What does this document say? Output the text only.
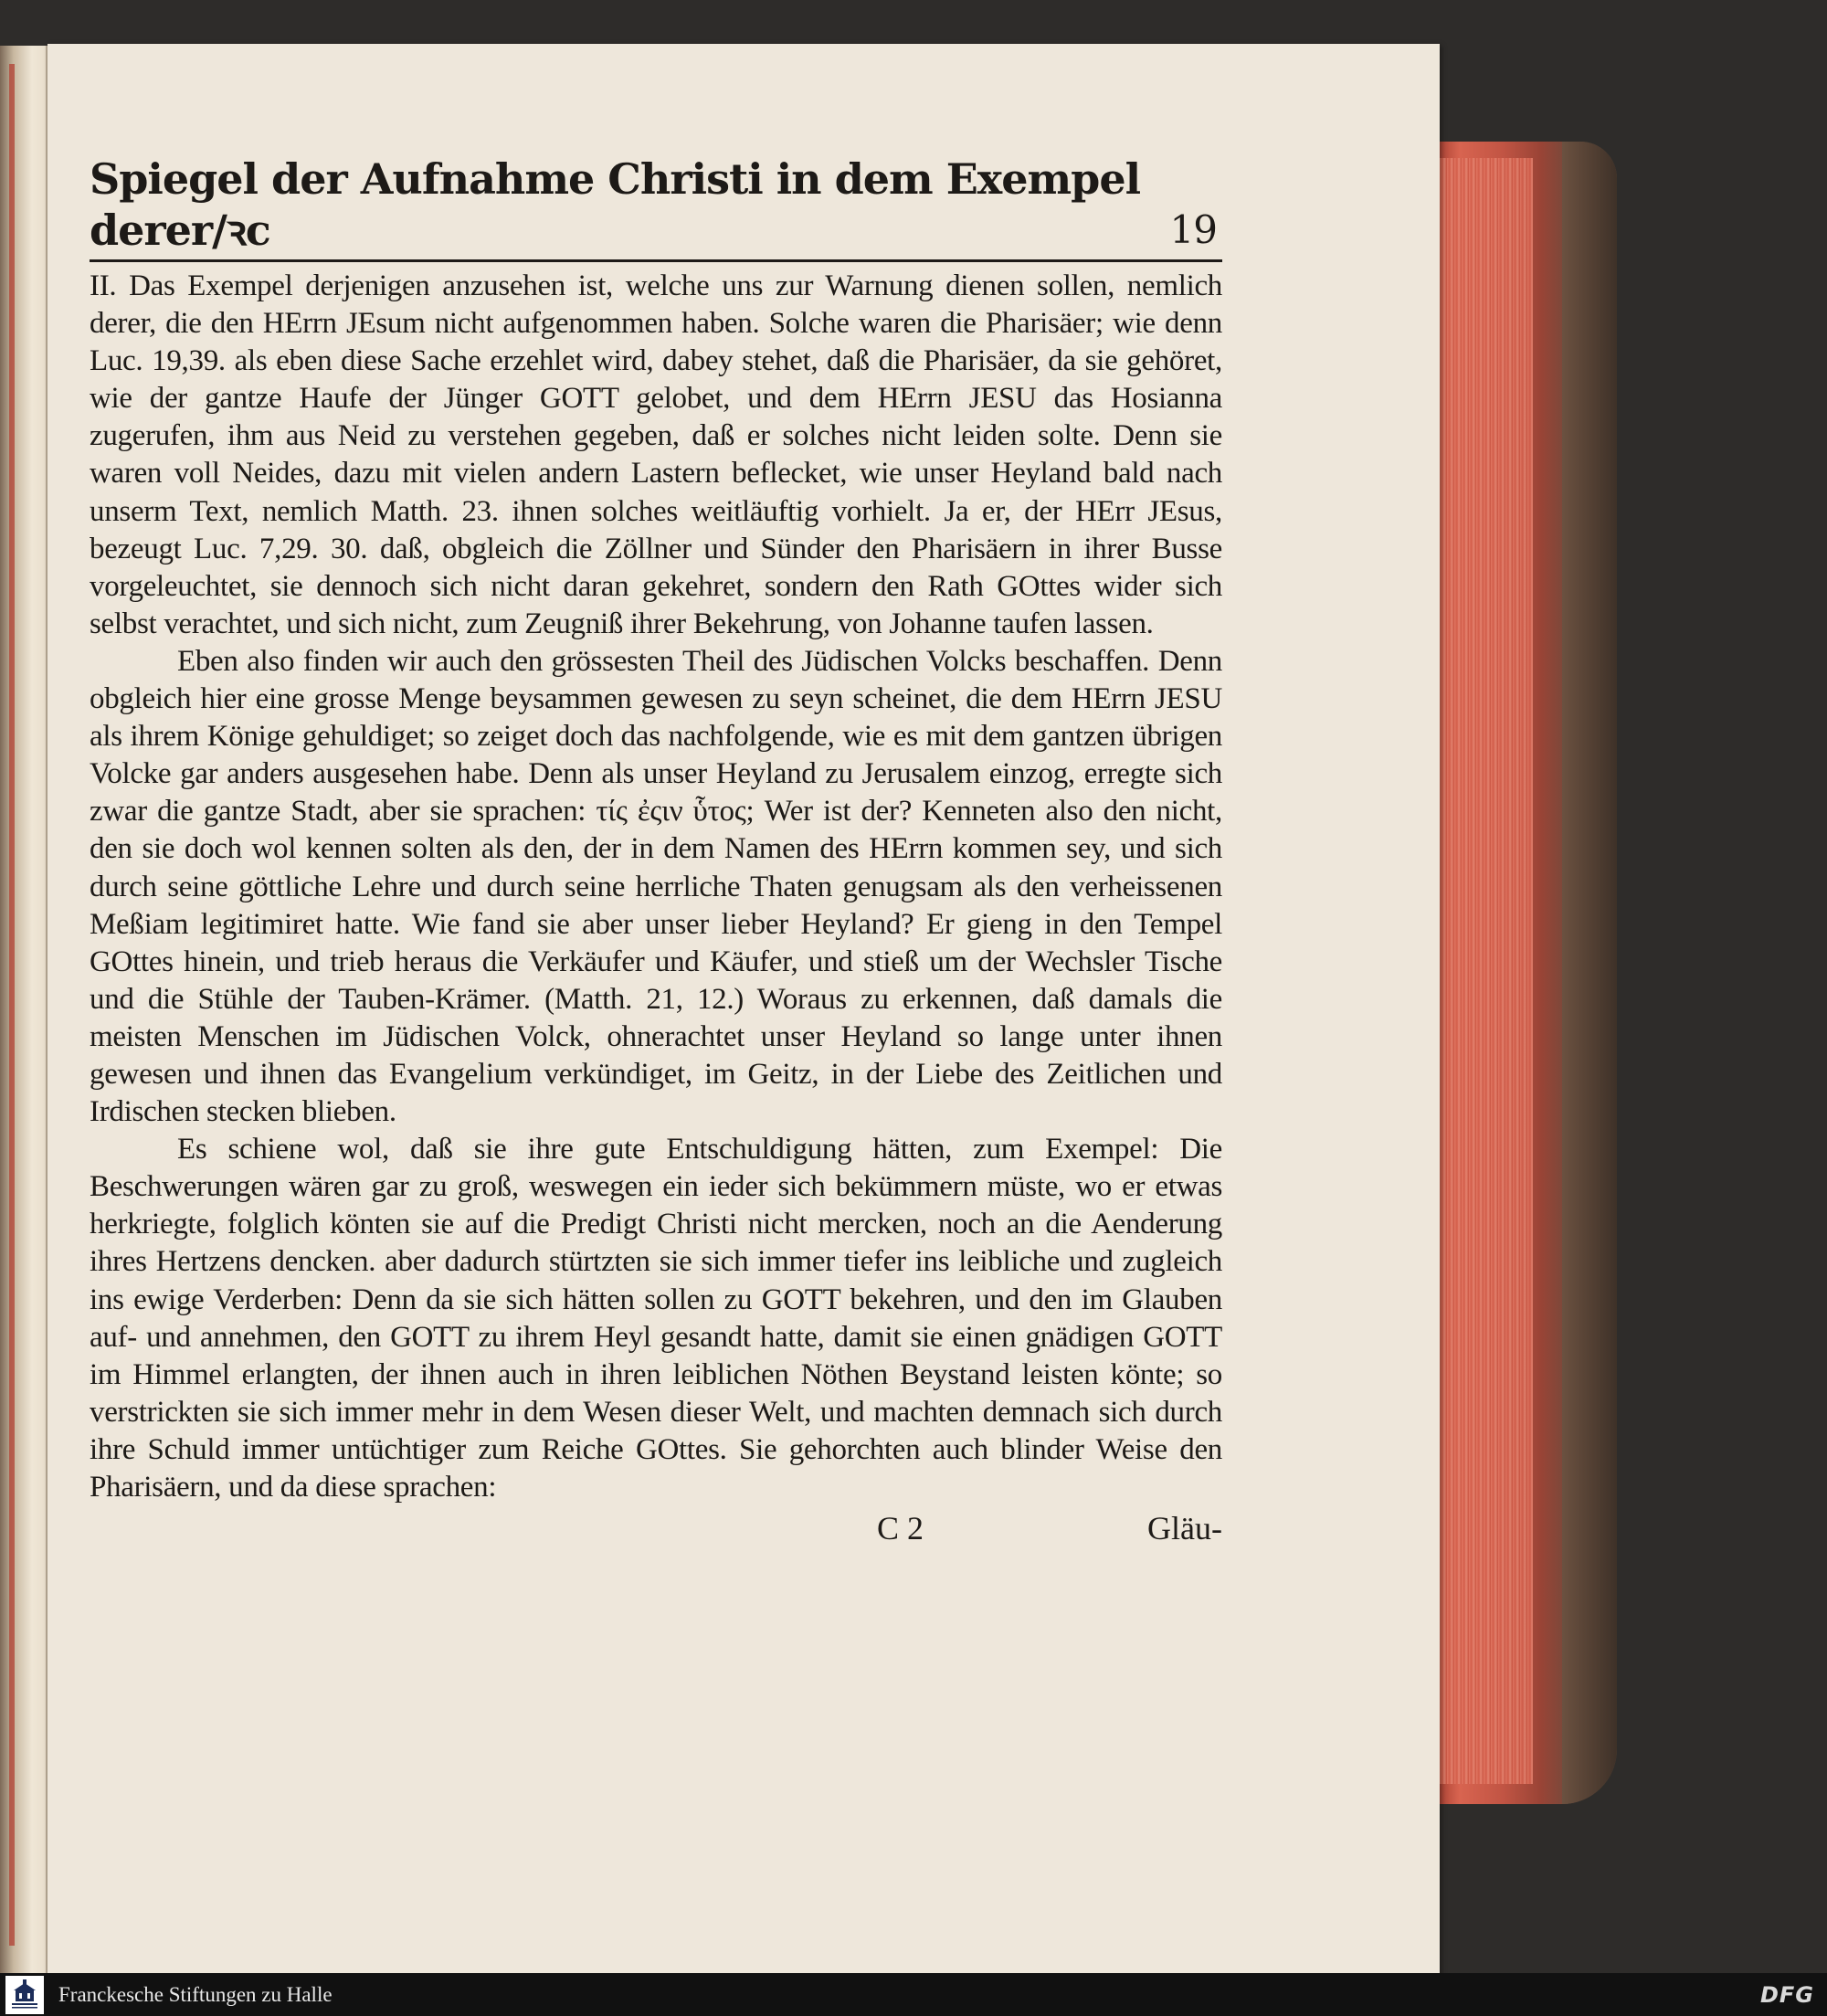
Spiegel der Aufnahme Christi in dem Exempel derer/ꝛc	19

II. Das Exempel derjenigen anzusehen ist, welche uns zur Warnung dienen sollen, nemlich derer, die den HErrn JEsum nicht aufgenommen haben. Solche waren die Pharisäer; wie denn Luc. 19,39. als eben diese Sache erzehlet wird, dabey stehet, daß die Pharisäer, da sie gehöret, wie der gantze Haufe der Jünger GOTT gelobet, und dem HErrn JESU das Hosianna zugerufen, ihm aus Neid zu verstehen gegeben, daß er solches nicht leiden solte. Denn sie waren voll Neides, dazu mit vielen andern Lastern beflecket, wie unser Heyland bald nach unserm Text, nemlich Matth. 23. ihnen solches weitläuftig vorhielt. Ja er, der HErr JEsus, bezeugt Luc. 7,29. 30. daß, obgleich die Zöllner und Sünder den Pharisäern in ihrer Busse vorgeleuchtet, sie dennoch sich nicht daran gekehret, sondern den Rath GOttes wider sich selbst verachtet, und sich nicht, zum Zeugniß ihrer Bekehrung, von Johanne taufen lassen.

Eben also finden wir auch den grössesten Theil des Jüdischen Volcks beschaffen. Denn obgleich hier eine grosse Menge beysammen gewesen zu seyn scheinet, die dem HErrn JESU als ihrem Könige gehuldiget; so zeiget doch das nachfolgende, wie es mit dem gantzen übrigen Volcke gar anders ausgesehen habe. Denn als unser Heyland zu Jerusalem einzog, erregte sich zwar die gantze Stadt, aber sie sprachen: τίς ἐςιν ὗτος; Wer ist der? Kenneten also den nicht, den sie doch wol kennen solten als den, der in dem Namen des HErrn kommen sey, und sich durch seine göttliche Lehre und durch seine herrliche Thaten genugsam als den verheissenen Meßiam legitimiret hatte. Wie fand sie aber unser lieber Heyland? Er gieng in den Tempel GOttes hinein, und trieb heraus die Verkäufer und Käufer, und stieß um der Wechsler Tische und die Stühle der Tauben-Krämer. (Matth. 21, 12.) Woraus zu erkennen, daß damals die meisten Menschen im Jüdischen Volck, ohnerachtet unser Heyland so lange unter ihnen gewesen und ihnen das Evangelium verkündiget, im Geitz, in der Liebe des Zeitlichen und Irdischen stecken blieben.

Es schiene wol, daß sie ihre gute Entschuldigung hätten, zum Exempel: Die Beschwerungen wären gar zu groß, weswegen ein ieder sich bekümmern müste, wo er etwas herkriegte, folglich könten sie auf die Predigt Christi nicht mercken, noch an die Aenderung ihres Hertzens dencken. aber dadurch stürtzten sie sich immer tiefer ins leibliche und zugleich ins ewige Verderben: Denn da sie sich hätten sollen zu GOTT bekehren, und den im Glauben auf- und annehmen, den GOTT zu ihrem Heyl gesandt hatte, damit sie einen gnädigen GOTT im Himmel erlangten, der ihnen auch in ihren leiblichen Nöthen Beystand leisten könte; so verstrickten sie sich immer mehr in dem Wesen dieser Welt, und machten demnach sich durch ihre Schuld immer untüchtiger zum Reiche GOttes. Sie gehorchten auch blinder Weise den Pharisäern, und da diese sprachen:

C 2	Gläu-
Franckesche Stiftungen zu Halle	DFG
